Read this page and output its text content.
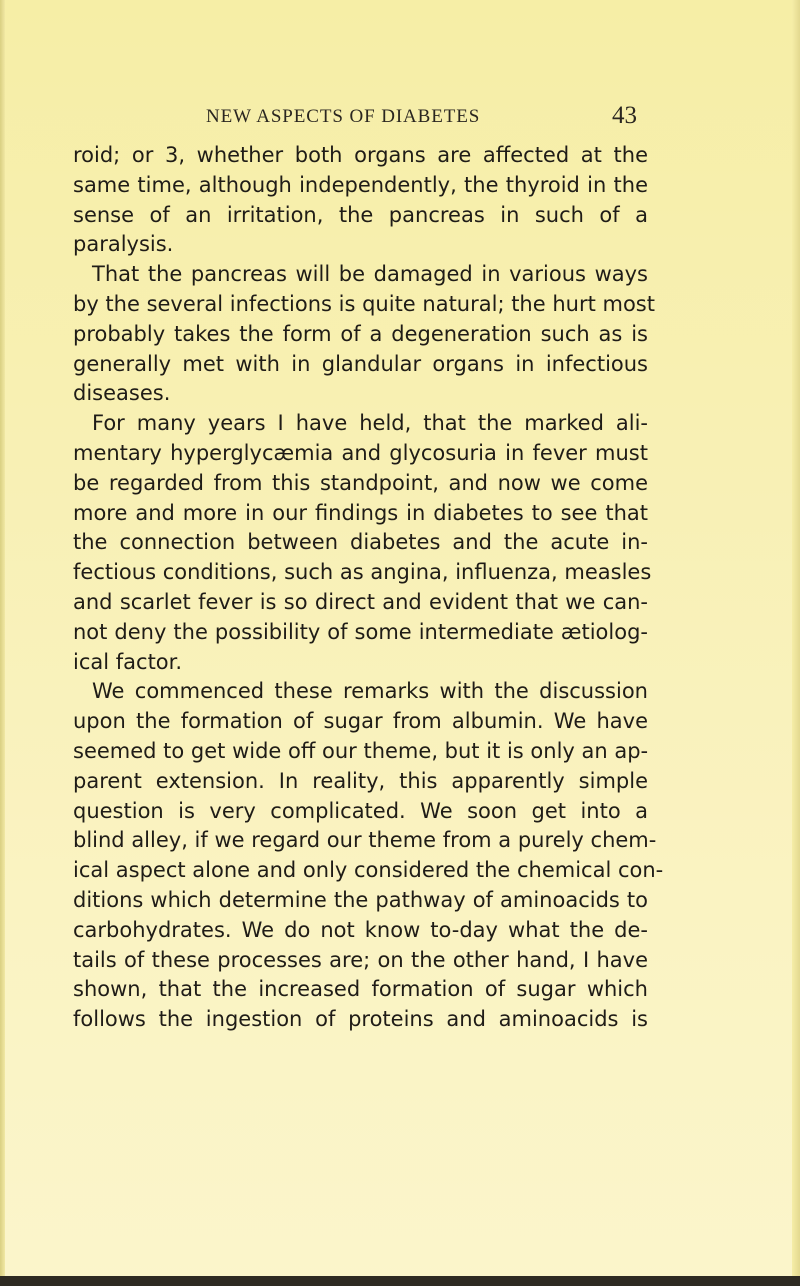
NEW ASPECTS OF DIABETES	43
roid; or 3, whether both organs are affected at the
same time, although independently, the thyroid in the
sense of an irritation, the pancreas in such of a
paralysis.
That the pancreas will be damaged in various ways
by the several infections is quite natural; the hurt most
probably takes the form of a degeneration such as is
generally met with in glandular organs in infectious
diseases.
For many years I have held, that the marked ali-
mentary hyperglycæmia and glycosuria in fever must
be regarded from this standpoint, and now we come
more and more in our findings in diabetes to see that
the connection between diabetes and the acute in-
fectious conditions, such as angina, influenza, measles
and scarlet fever is so direct and evident that we can-
not deny the possibility of some intermediate ætiolog-
ical factor.
We commenced these remarks with the discussion
upon the formation of sugar from albumin. We have
seemed to get wide off our theme, but it is only an ap-
parent extension. In reality, this apparently simple
question is very complicated. We soon get into a
blind alley, if we regard our theme from a purely chem-
ical aspect alone and only considered the chemical con-
ditions which determine the pathway of aminoacids to
carbohydrates. We do not know to-day what the de-
tails of these processes are; on the other hand, I have
shown, that the increased formation of sugar which
follows the ingestion of proteins and aminoacids is
